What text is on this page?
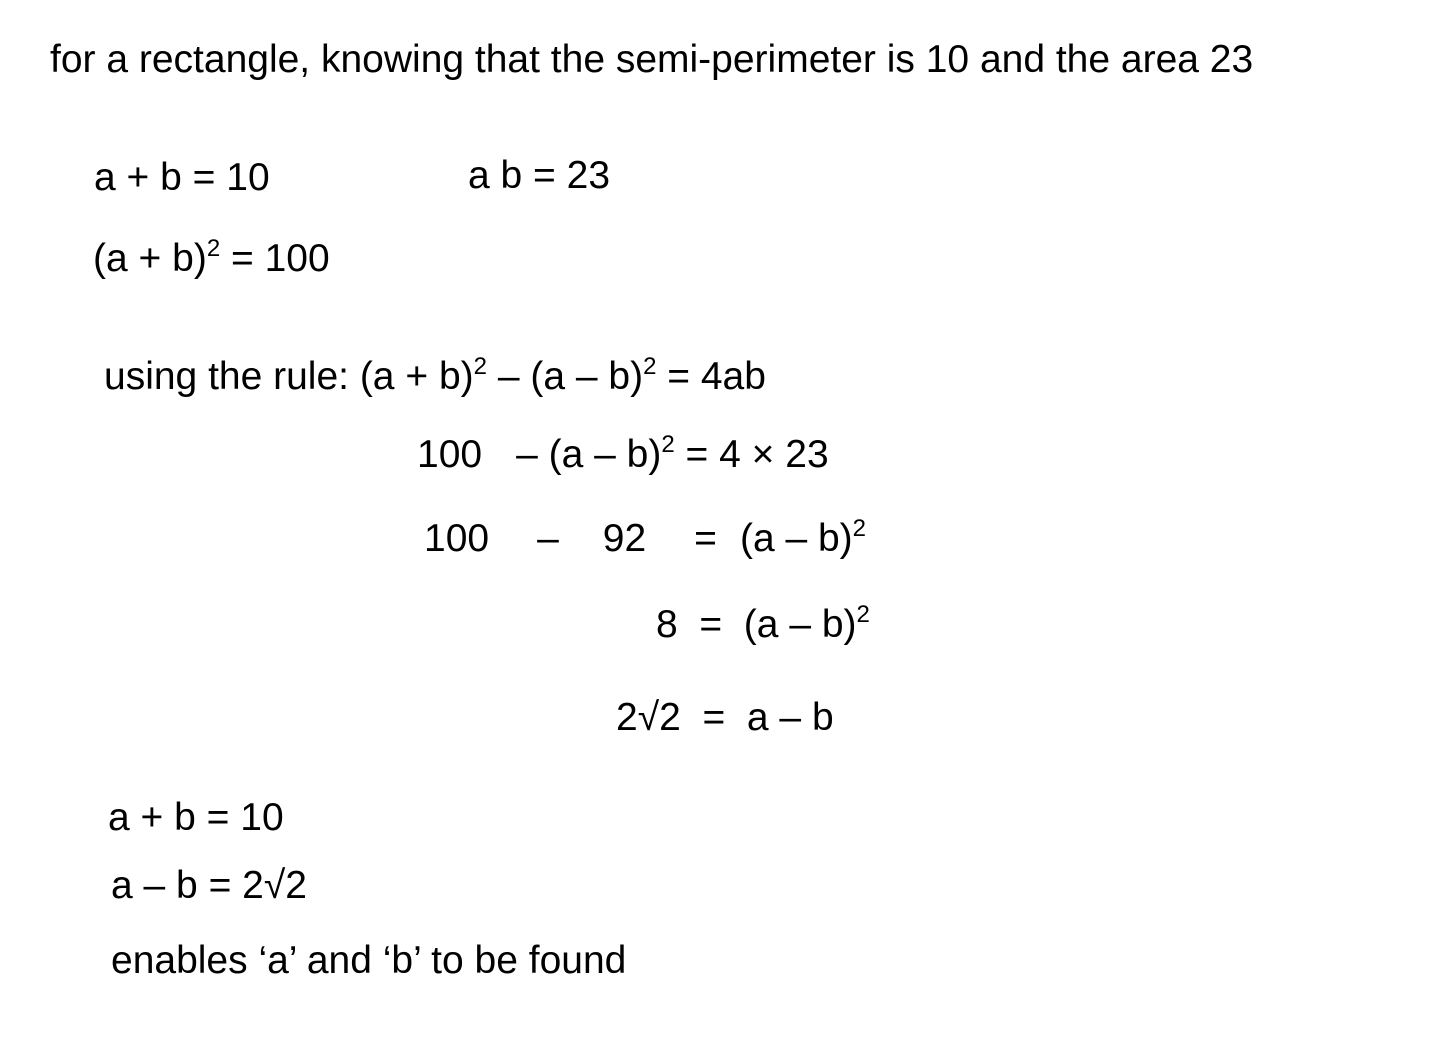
for a rectangle, knowing that the semi-perimeter is 10 and the area 23
a + b = 10	a b = 23
$(a + b)^2 = 100$
using the rule: $(a + b)^2 - (a - b)^2 = 4ab$
100 – (a – b)$^2$ = 4 × 23
100 – 92 = (a – b)$^2$
8  =  (a – b)$^2$
2√2  =  a – b
a + b = 10
a – b = 2√2
enables ‘a’ and ‘b’ to be found
